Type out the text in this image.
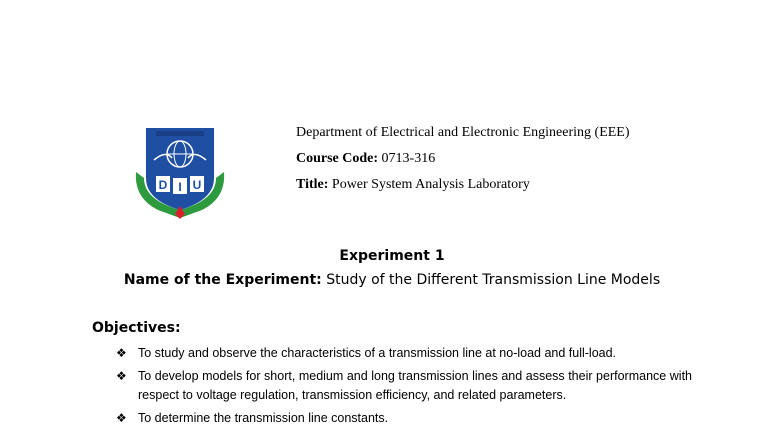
D I U
Department of Electrical and Electronic Engineering (EEE)
Course Code: 0713-316
Title: Power System Analysis Laboratory
Experiment 1
Name of the Experiment: Study of the Different Transmission Line Models
Objectives:
❖ To study and observe the characteristics of a transmission line at no-load and full-load.
❖ To develop models for short, medium and long transmission lines and assess their performance with respect to voltage regulation, transmission efficiency, and related parameters.
❖ To determine the transmission line constants.
